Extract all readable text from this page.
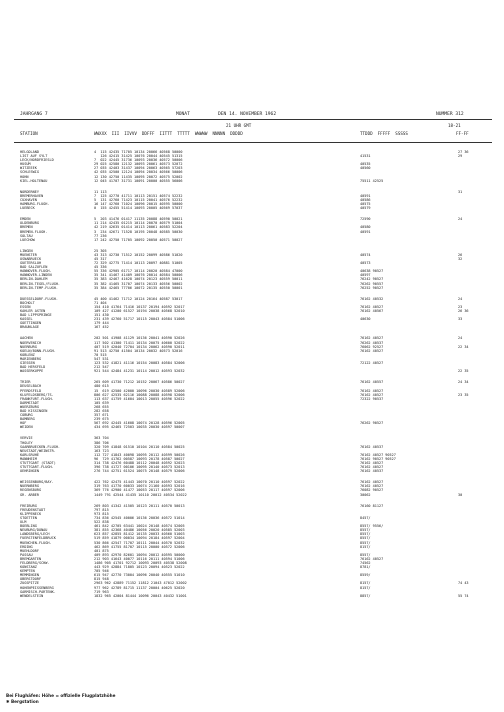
JAHRGANG 7	MONAT	DEN 14. NOVEMBER 1962	NUMMER 312
21 UHR GMT	18-21
STATION	WWXXX  III  IIVVV  DDFFF  IITTT  TTTTT  WWWWW  NNNNN  DDDDD	TTDDD  FFFFF  SSSSS	FF-FF
HELGOLAND	4  115 42435 71705 10134 20066 40568 50000	27 36
LIST AUF SYLT	126 42415 31425 10076 20044 40545 51315	41531	29
LECK/NORDFRIESLD	7  022 42445 31736 10093 20036 40572 50006
HUSUM	29 025 42580 12132 10093 20061 40573 52072	40535
WITZEEEK	27 035 42403 31437 10094 20063 40565 57203	40560
SCHLESWIG	42 035 42500 12124 10094 20034 40566 50006
HOHN	12 130 42750 11435 10095 20072 40575 52002
KIEL-HOLTENAU	12 045 41707 31731 10091 20000 40555 56006	75511 42525
NORDERNEY	11 113	31
BREMERHAVEN	7  125 42770 41711 10113 20151 40574 52232	40591
CUXHAVEN	5  131 42760 71423 10115 20041 40576 52232	40586
HAMBURG-FLUGH.	16 147 42760 71024 10096 20015 40595 50000	40575
LUEBECK	0  155 42455 51414 10093 20005 40569 57037	40579
EMDEN	5  203 41476 01417 11135 20088 40590 50021	72590	24
OLDENBURG	11 214 42435 01215 10114 20070 40579 51004
BREMEN	42 219 42635 01414 10113 20061 40583 52204	40580
BREMEN-FLUGH.	3  234 42671 71528 10195 20048 40585 50030	40591
SOLTAU	77 236
LUECHOW	17 242 42750 71705 10092 20050 40571 50027
LINGEN	25 305
MUENSTER	43 313 42730 71512 10152 20099 40586 51020	40574	26
OSNABRUECK	45 317	32
GUETERSLOH	72 329 42775 71414 10113 20097 40881 51005	40573
BAD SALZUFLEN	45 336
HANNOVER-FLUGH.	55 336 42905 61717 10114 20020 40584 47000	40638 90527
HANNOVER-LINDEN	35 341 41467 41409 10076 20014 40584 50006	40597
BERLIN-DAHLEM	35 383 42467 41628 10074 20123 40559 50011	76242 90527
BERLIN-TEGEL/FLUGH.	35 382 41465 31707 10074 20133 40556 50002	76262 90557
BERLIN-TEMP.FLUGH.	35 384 42465 77706 10072 20135 40550 50001	76252 90527
DUESSELDORF-FLUGH.	45 400 41462 71712 10124 20164 40587 53017	76162 40532	24
BOCHOLT	71 404
ESSEN	154 410 41764 71416 10137 20194 40592 52017	76162 40527	23
KAHLER ASTEN	109 427 41200 61527 10194 20038 40568 52010	76162 40567	26 36
BAD LIPPSPRINGE	151 430
KASSEL	231 439 42760 51717 10115 20043 40584 51006	40630	33
GOETTINGEN	179 444
BRAUNLAGE	167 452
AACHEN	202 501 41908 41129 10136 20041 40590 52026	76162 40527	24
NOERVENICH	117 502 41300 71411 10134 20075 40600 52022	76262 40537
NUERBURG	407 519 42040 72704 10134 20062 40590 52011	76062 92527	22 34
KOELN/BONN-FLUGH.	91 513 42750 41504 10134 20032 40573 52016	76162 40527
KOBLENZ	70 515
MARIENBERG	547 531
GIESSEN	123 532 41821 41116 10154 20083 40584 52006	72122 40527
BAD HERSFELD	212 547
WASSERKUPPE	921 544 42484 41231 10114 20012 40593 52032	22 35
TRIER	265 609 41730 71212 10152 20067 40586 50027	76162 40557	24 34
DEUSELBACH	480 615
PFERDSFELD	15  619 42500 42000 10096 20030 40589 52006	76162 40527
KLUFELDSBERG/TS.	806 627 42535 62116 10088 20088 40598 52006	76162 40527	23 35
FRANKFURT-FLUGH.	113 637 41759 41604 10013 20055 40596 52022	72322 90537
DARMSTADT	105 639
WUERZBURG	268 655
BAD KISSINGEN	282 658
COBURG	357 671
BAMBERG	239 675
HOF	567 692 42445 41608 10074 20128 40596 52005	76262 90527
WEIDEN	434 695 42465 72503 10035 20030 40597 50007
VERVIE	363 704
THOLEY	386 706
SAARBRUECKEN-FLUGH.	320 709 41848 01510 10104 20110 40584 50025	76162 40537
NEUSTADT/WEINSTR.	163 723
KARLSRUHE	112 727 41843 40098 10095 20112 40599 50026	76162 40527 90527
MANNHEIM	96  729 41762 00587 10093 20178 40587 50027	76162 90527 90527
STUTTGART (STADT)	314 738 42476 60488 10112 20048 40592 52023	76162 40527
STUTTGART-FLUGH.	396 738 41727 00106 10095 20140 40573 52013	76162 40527
OEHRINGEN	276 744 42751 61524 10075 20148 40579 52006	76162 40537
WEISSENBURG/BAY.	422 762 42475 41443 10070 20110 40597 52022	76162 40527
NUERNBERG	319 763 41770 60033 10074 21160 40593 52016	76162 40527
REGENSBURG	369 776 42900 41477 10053 20117 40597 52006	76082 90527
GR. ARBER	1449 791 42544 41435 10110 20012 40534 52022	30062	30
FREIBURG	269 803 41342 41505 10123 20111 40570 50013	76160 81127
FREUDENSTADT	797 815
KLIPPENECK	973 815
STOETTEN	734 836 42545 40006 10136 20036 40572 51014	8457/
ULM	522 838
BOEBLING	461 842 42705 63441 10024 20148 40574 52005	8557/ 9556/
NEUBURG/DONAU	381 855 42368 40486 10056 20020 40585 52003	8557/
LANDSBERG/LECH	623 857 42855 81412 10135 20033 40560 51003	8557/
FUERSTENFELDBRUCK	519 859 41879 00034 10094 20184 40597 52004	8557/
MUENCHEN-FLUGH.	530 866 42547 71707 10111 20044 40570 52032	8557/
ERDING	462 869 41755 81707 10115 20000 40572 52006	8157/
MUEHLDORF	401 875
PASSAU	409 893 42970 82601 10094 20012 40595 50000	8557/
BREMGARTEN	212 903 41643 40077 10116 20111 40594 51006	76162 40527
FELDBERG/SCHW.	1486 905 41701 92712 10093 20093 40538 52008	74562
KONSTANZ	443 929 42884 71805 10123 20094 40523 52022	8781/
KEMPTEN	705 946
MEMMINGEN	615 947 42770 73004 10096 20040 40555 51010	8559/
OBERSTDORF	815 948
ZUGSPITZE	2963 962 42889 71152 11812 21043 47012 52002	8157/	74 43
HOHENPEISSENBERG	977 962 42789 81715 11137 20004 40625 52020	8157/
GARMISCH-PARTENK.	719 963
WENDELSTEIN	1832 965 42004 81444 10096 20043 40432 51001	8857/	55 74
Bei Flughäfen: Höhe = offizielle Flugplatzhöhe
✱ Bergstation
